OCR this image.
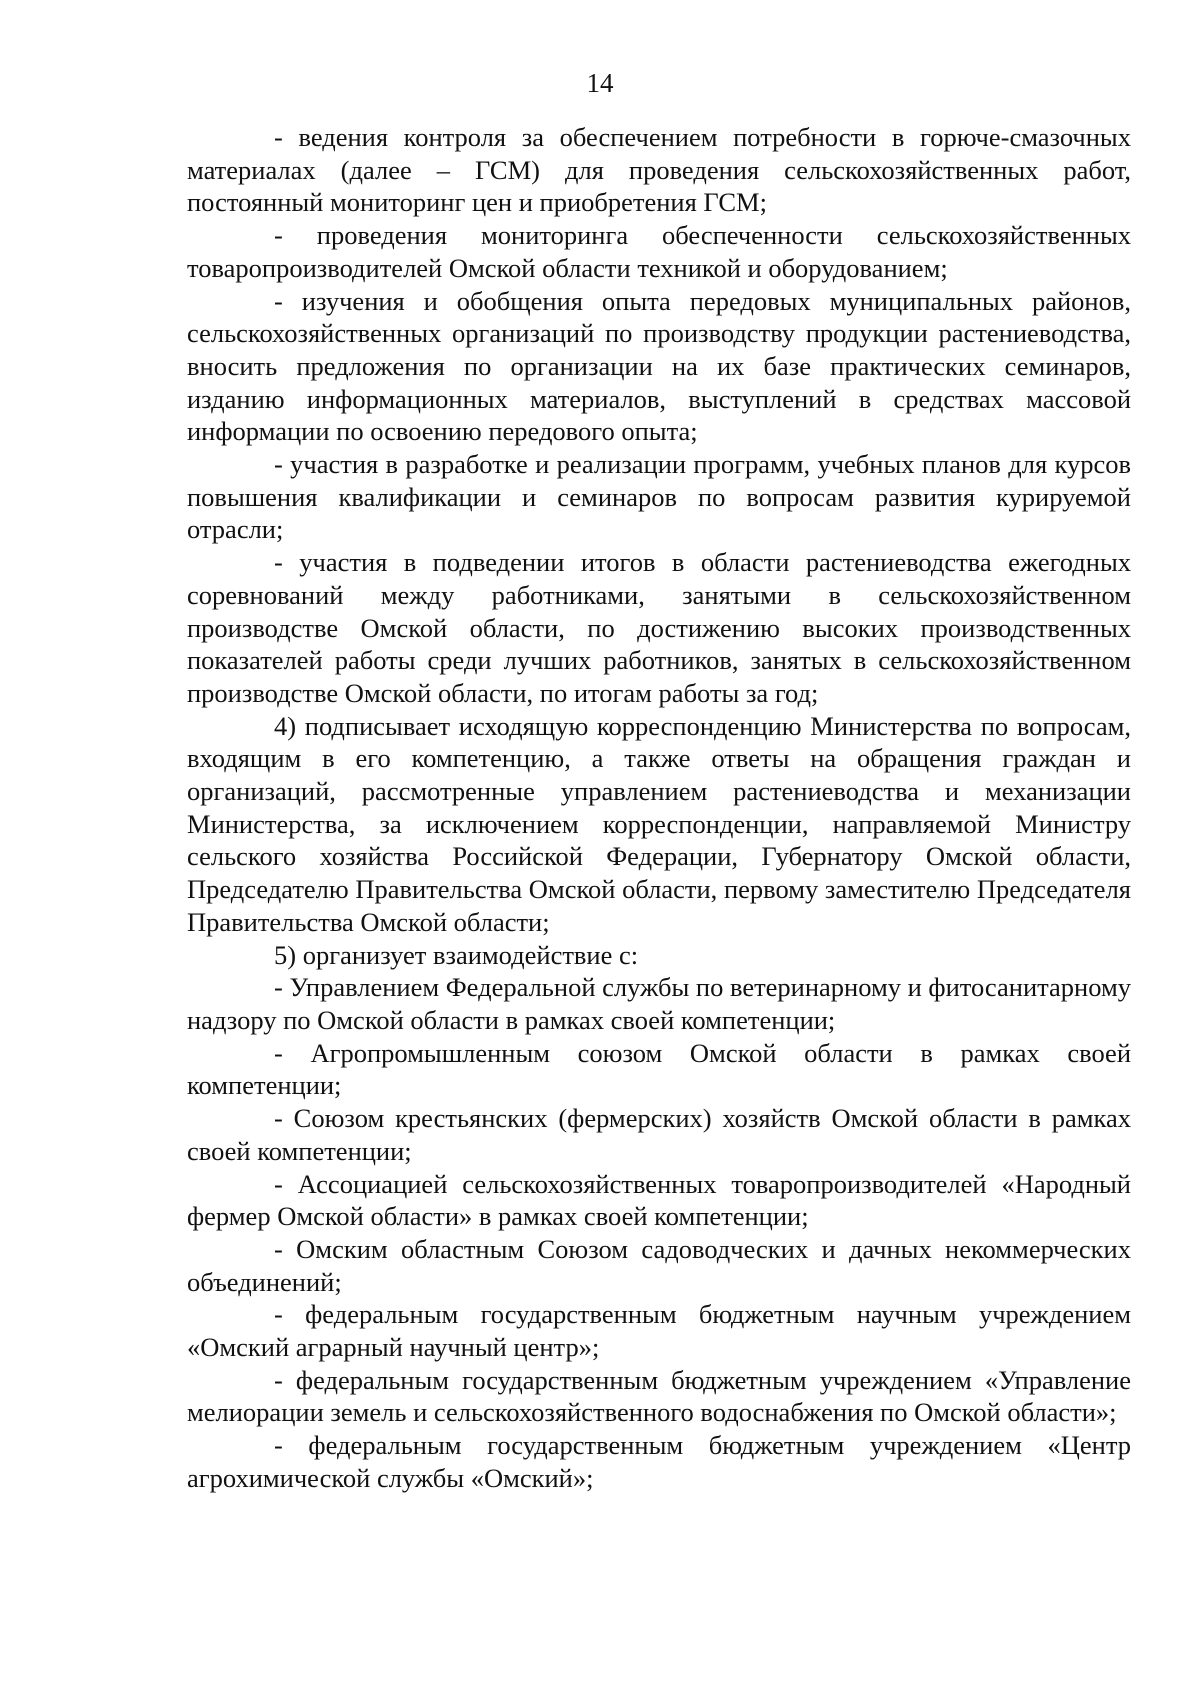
14

- ведения контроля за обеспечением потребности в горюче-смазочных материалах (далее – ГСМ) для проведения сельскохозяйственных работ, постоянный мониторинг цен и приобретения ГСМ;

- проведения мониторинга обеспеченности сельскохозяйственных товаропроизводителей Омской области техникой и оборудованием;

- изучения и обобщения опыта передовых муниципальных районов, сельскохозяйственных организаций по производству продукции растениеводства, вносить предложения по организации на их базе практических семинаров, изданию информационных материалов, выступлений в средствах массовой информации по освоению передового опыта;

- участия в разработке и реализации программ, учебных планов для курсов повышения квалификации и семинаров по вопросам развития курируемой отрасли;

- участия в подведении итогов в области растениеводства ежегодных соревнований между работниками, занятыми в сельскохозяйственном производстве Омской области, по достижению высоких производственных показателей работы среди лучших работников, занятых в сельскохозяйственном производстве Омской области, по итогам работы за год;

4) подписывает исходящую корреспонденцию Министерства по вопросам, входящим в его компетенцию, а также ответы на обращения граждан и организаций, рассмотренные управлением растениеводства и механизации Министерства, за исключением корреспонденции, направляемой Министру сельского хозяйства Российской Федерации, Губернатору Омской области, Председателю Правительства Омской области, первому заместителю Председателя Правительства Омской области;

5) организует взаимодействие с:

- Управлением Федеральной службы по ветеринарному и фитосанитарному надзору по Омской области в рамках своей компетенции;

- Агропромышленным союзом Омской области в рамках своей компетенции;

- Союзом крестьянских (фермерских) хозяйств Омской области в рамках своей компетенции;

- Ассоциацией сельскохозяйственных товаропроизводителей «Народный фермер Омской области» в рамках своей компетенции;

- Омским областным Союзом садоводческих и дачных некоммерческих объединений;

- федеральным государственным бюджетным научным учреждением «Омский аграрный научный центр»;

- федеральным государственным бюджетным учреждением «Управление мелиорации земель и сельскохозяйственного водоснабжения по Омской области»;

- федеральным государственным бюджетным учреждением «Центр агрохимической службы «Омский»;
